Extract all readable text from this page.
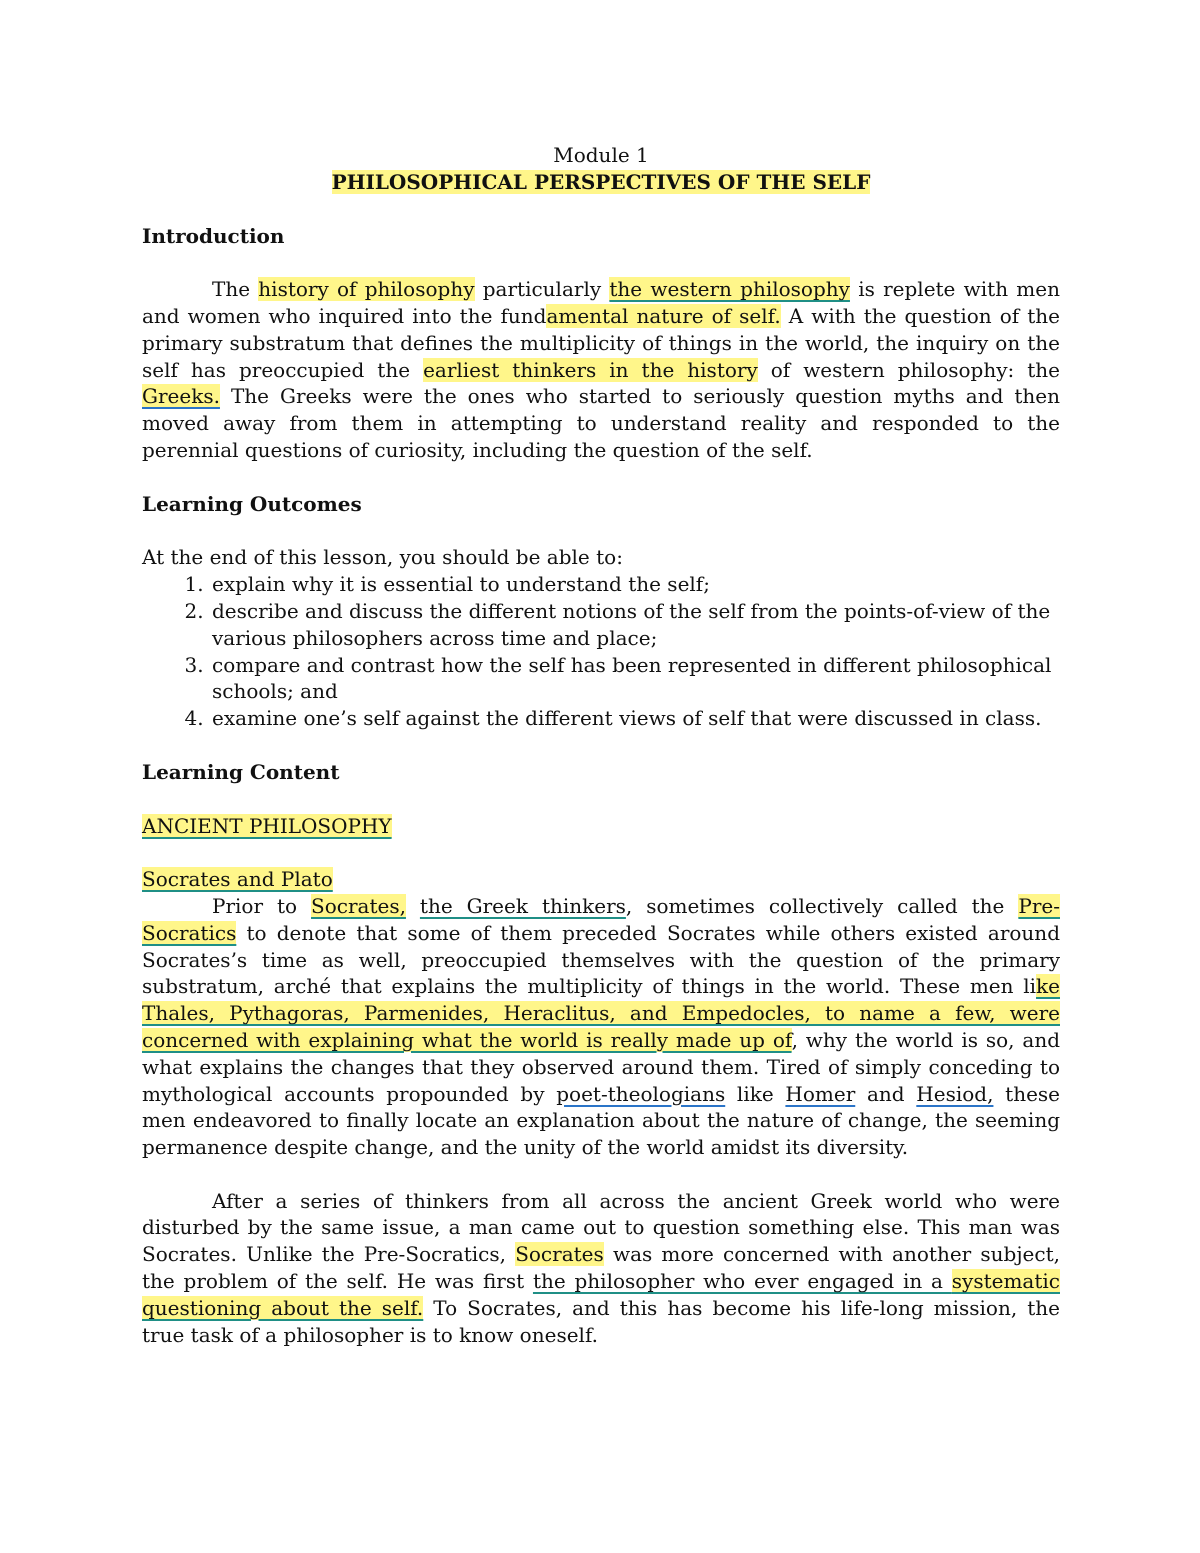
Module 1
PHILOSOPHICAL PERSPECTIVES OF THE SELF
Introduction
The history of philosophy particularly the western philosophy is replete with men and women who inquired into the fundamental nature of self. A with the question of the primary substratum that defines the multiplicity of things in the world, the inquiry on the self has preoccupied the earliest thinkers in the history of western philosophy: the Greeks. The Greeks were the ones who started to seriously question myths and then moved away from them in attempting to understand reality and responded to the perennial questions of curiosity, including the question of the self.
Learning Outcomes
At the end of this lesson, you should be able to:
1. explain why it is essential to understand the self;
2. describe and discuss the different notions of the self from the points-of-view of the various philosophers across time and place;
3. compare and contrast how the self has been represented in different philosophical schools; and
4. examine one’s self against the different views of self that were discussed in class.
Learning Content
ANCIENT PHILOSOPHY
Socrates and Plato
Prior to Socrates, the Greek thinkers, sometimes collectively called the Pre-Socratics to denote that some of them preceded Socrates while others existed around Socrates’s time as well, preoccupied themselves with the question of the primary substratum, arché that explains the multiplicity of things in the world. These men like Thales, Pythagoras, Parmenides, Heraclitus, and Empedocles, to name a few, were concerned with explaining what the world is really made up of, why the world is so, and what explains the changes that they observed around them. Tired of simply conceding to mythological accounts propounded by poet-theologians like Homer and Hesiod, these men endeavored to finally locate an explanation about the nature of change, the seeming permanence despite change, and the unity of the world amidst its diversity.
After a series of thinkers from all across the ancient Greek world who were disturbed by the same issue, a man came out to question something else. This man was Socrates. Unlike the Pre-Socratics, Socrates was more concerned with another subject, the problem of the self. He was first the philosopher who ever engaged in a systematic questioning about the self. To Socrates, and this has become his life-long mission, the true task of a philosopher is to know oneself.
